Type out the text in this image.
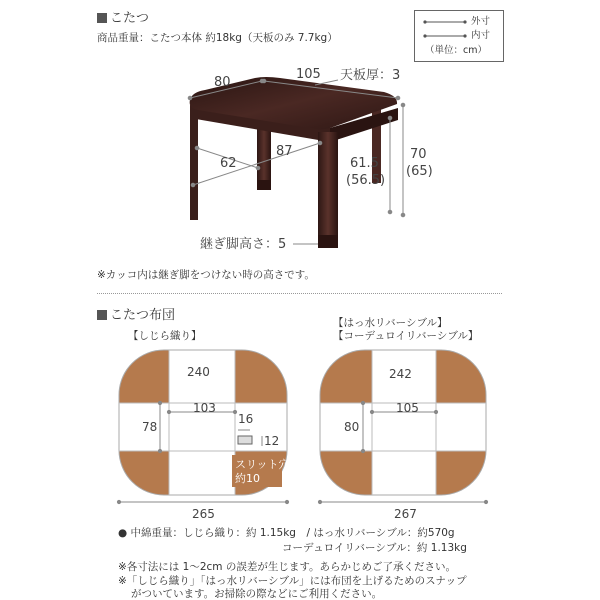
こたつ
商品重量：こたつ本体 約18kg（天板のみ 7.7kg）
外寸
内寸
（単位：cm）
80
105 天板厚：3
62
87
61.5
(56.5)
70
(65)
継ぎ脚高さ：5
※カッコ内は継ぎ脚をつけない時の高さです。
こたつ布団
【しじら織り】
【はっ水リバーシブル】
【コーデュロイリバーシブル】
240
103
78
16
12
スリット穴
約10
265
242
105
80
267
● 中綿重量：しじら織り：約 1.15kg　/ はっ水リバーシブル：約570g
コーデュロイリバーシブル：約 1.13kg
※各寸法には 1～2cm の誤差が生じます。あらかじめご了承ください。
※「しじら織り」「はっ水リバーシブル」には布団を上げるためのスナップ
がついています。お掃除の際などにご利用ください。
